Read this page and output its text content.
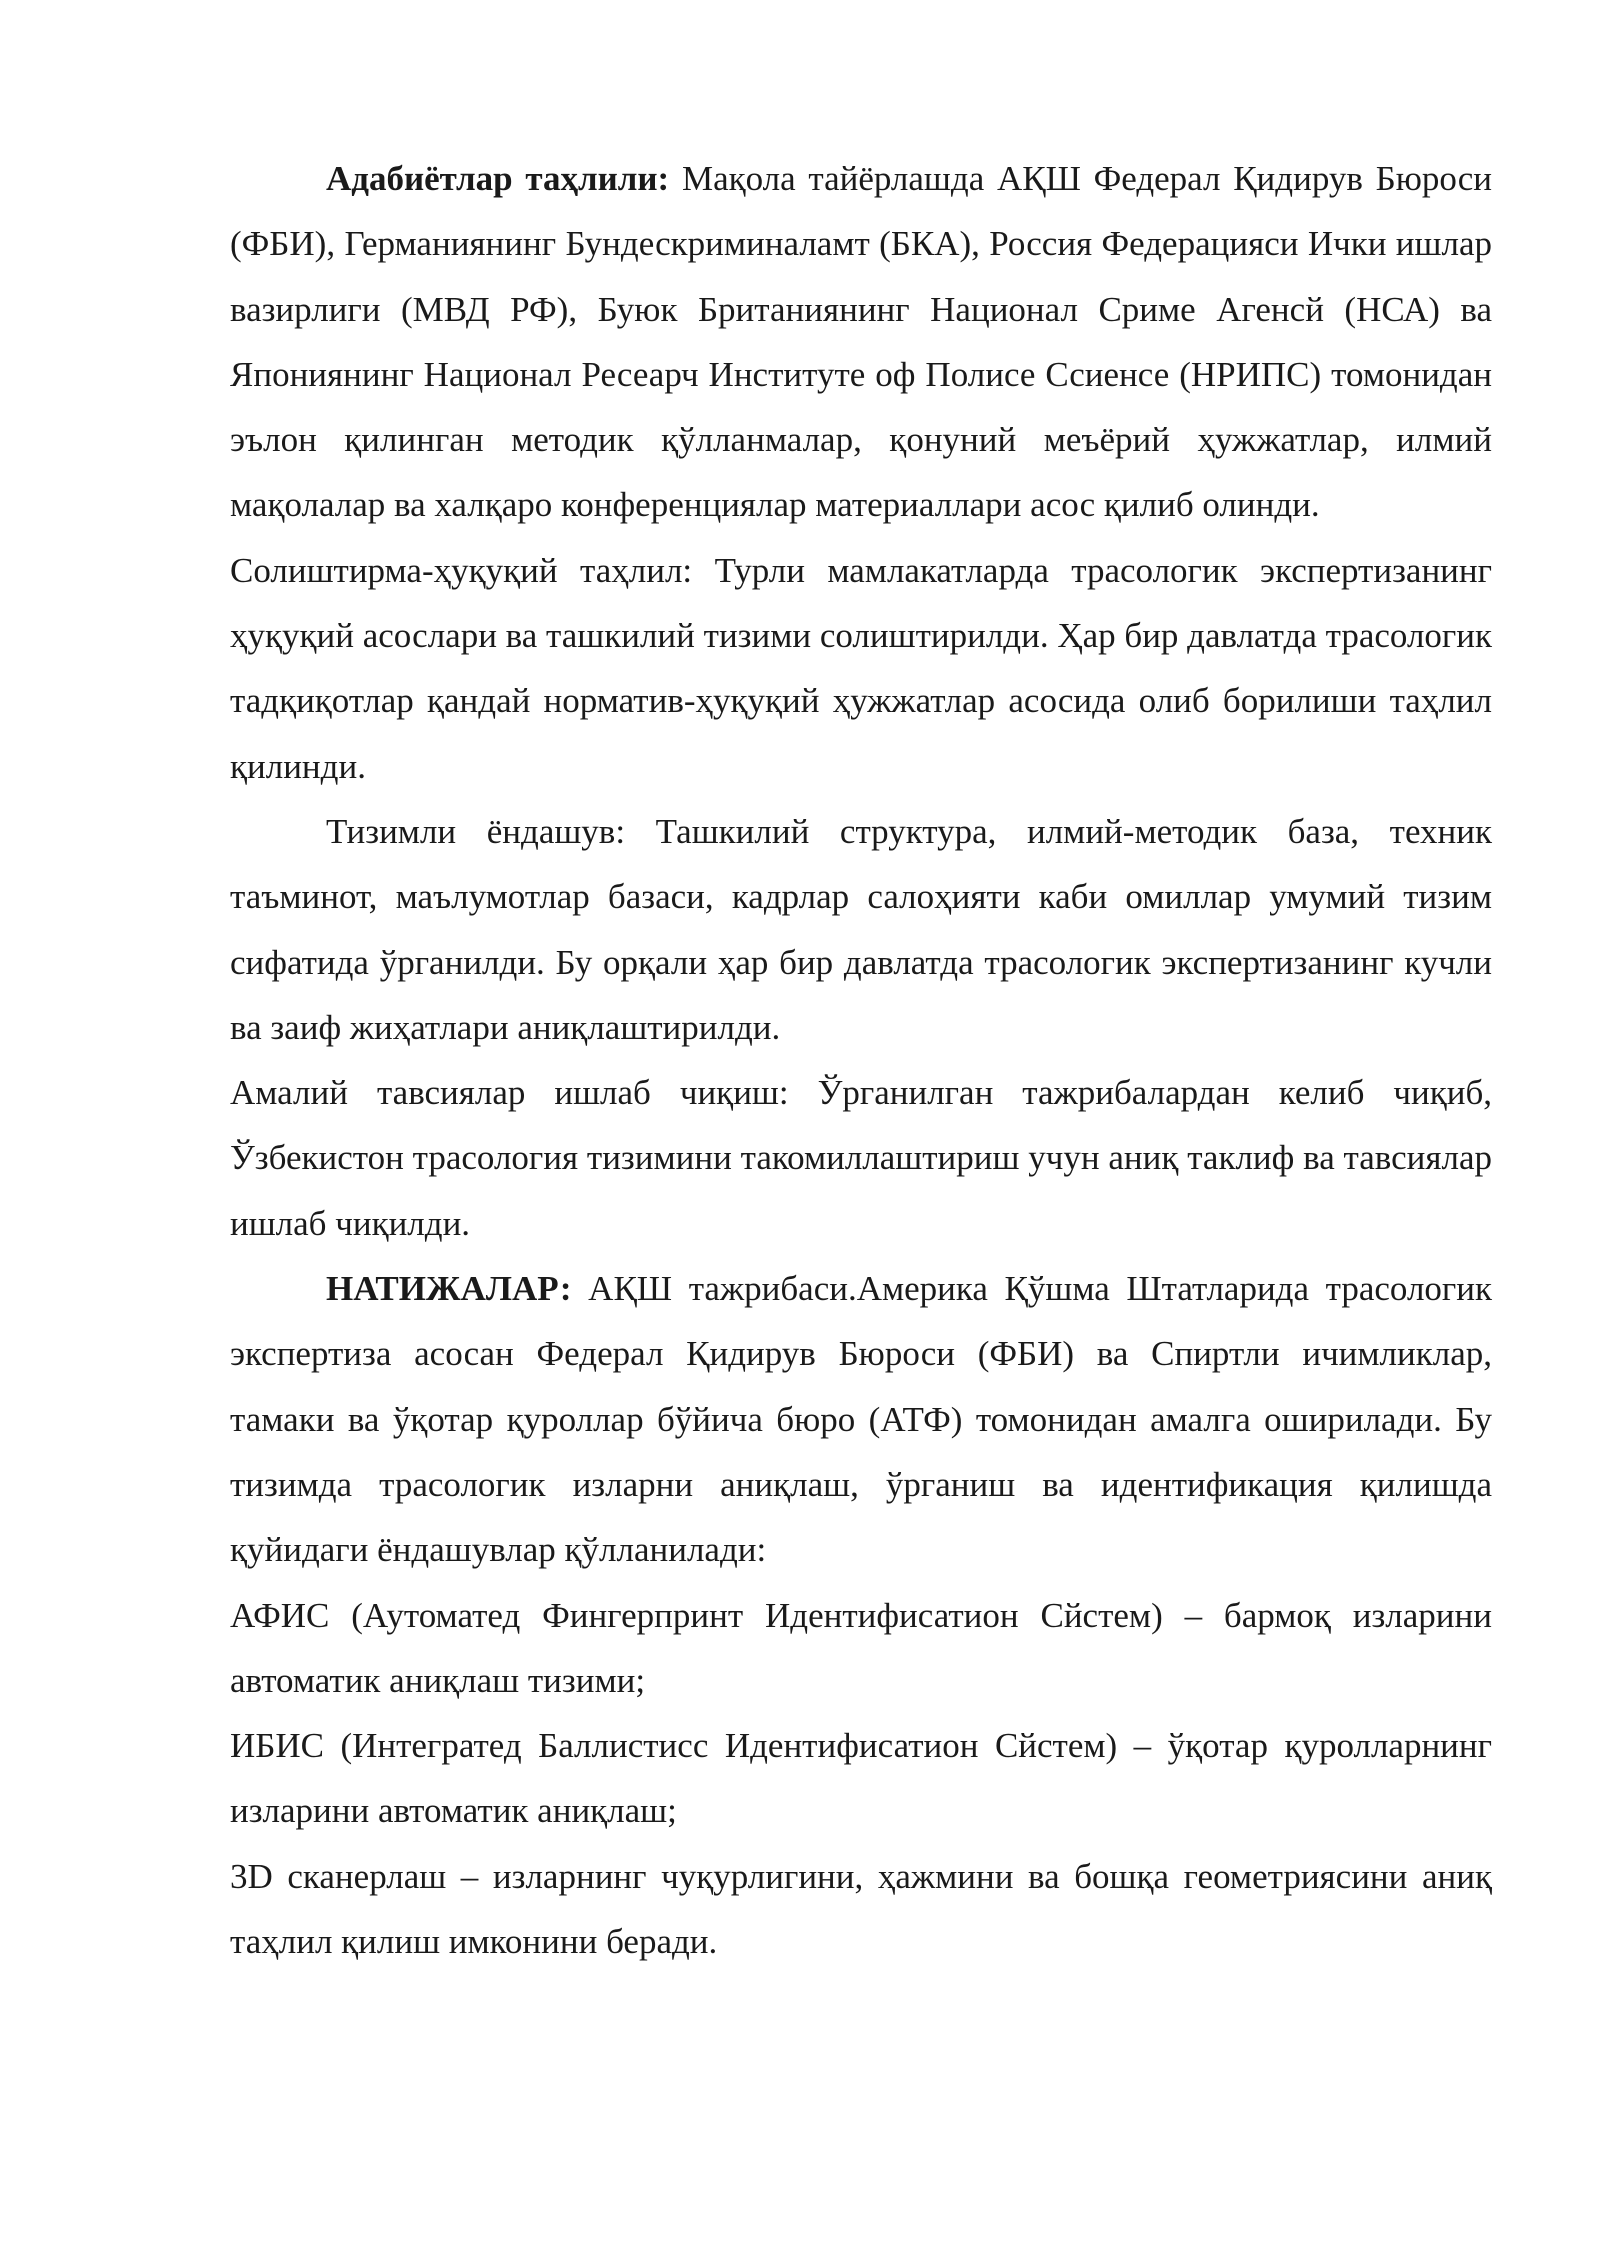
Адабиётлар таҳлили: Мақола тайёрлашда АҚШ Федерал Қидирув Бюроси (ФБИ), Германиянинг Бундескриминаламт (БКА), Россия Федерацияси Ички ишлар вазирлиги (МВД РФ), Буюк Британиянинг Национал Сриме Агенсй (НСА) ва Япониянинг Национал Ресеарч Институте оф Полисе Ссиенсе (НРИПС) томонидан эълон қилинган методик қўлланмалар, қонуний меъёрий ҳужжатлар, илмий мақолалар ва халқаро конференциялар материаллари асос қилиб олинди.

Солиштирма-ҳуқуқий таҳлил: Турли мамлакатларда трасологик экспертизанинг ҳуқуқий асослари ва ташкилий тизими солиштирилди. Ҳар бир давлатда трасологик тадқиқотлар қандай норматив-ҳуқуқий ҳужжатлар асосида олиб борилиши таҳлил қилинди.

Тизимли ёндашув: Ташкилий структура, илмий-методик база, техник таъминот, маълумотлар базаси, кадрлар салоҳияти каби омиллар умумий тизим сифатида ўрганилди. Бу орқали ҳар бир давлатда трасологик экспертизанинг кучли ва заиф жиҳатлари аниқлаштирилди.

Амалий тавсиялар ишлаб чиқиш: Ўрганилган тажрибалардан келиб чиқиб, Ўзбекистон трасология тизимини такомиллаштириш учун аниқ таклиф ва тавсиялар ишлаб чиқилди.

НАТИЖАЛАР: АҚШ тажрибаси.Америка Қўшма Штатларида трасологик экспертиза асосан Федерал Қидирув Бюроси (ФБИ) ва Спиртли ичимликлар, тамаки ва ўқотар қуроллар бўйича бюро (АТФ) томонидан амалга оширилади. Бу тизимда трасологик изларни аниқлаш, ўрганиш ва идентификация қилишда қуйидаги ёндашувлар қўлланилади:

АФИС (Аутоматед Фингерпринт Идентифисатион Сйстем) – бармоқ изларини автоматик аниқлаш тизими;

ИБИС (Интегратед Баллистисс Идентифисатион Сйстем) – ўқотар қуролларнинг изларини автоматик аниқлаш;

3D сканерлаш – изларнинг чуқурлигини, ҳажмини ва бошқа геометриясини аниқ таҳлил қилиш имконини беради.
